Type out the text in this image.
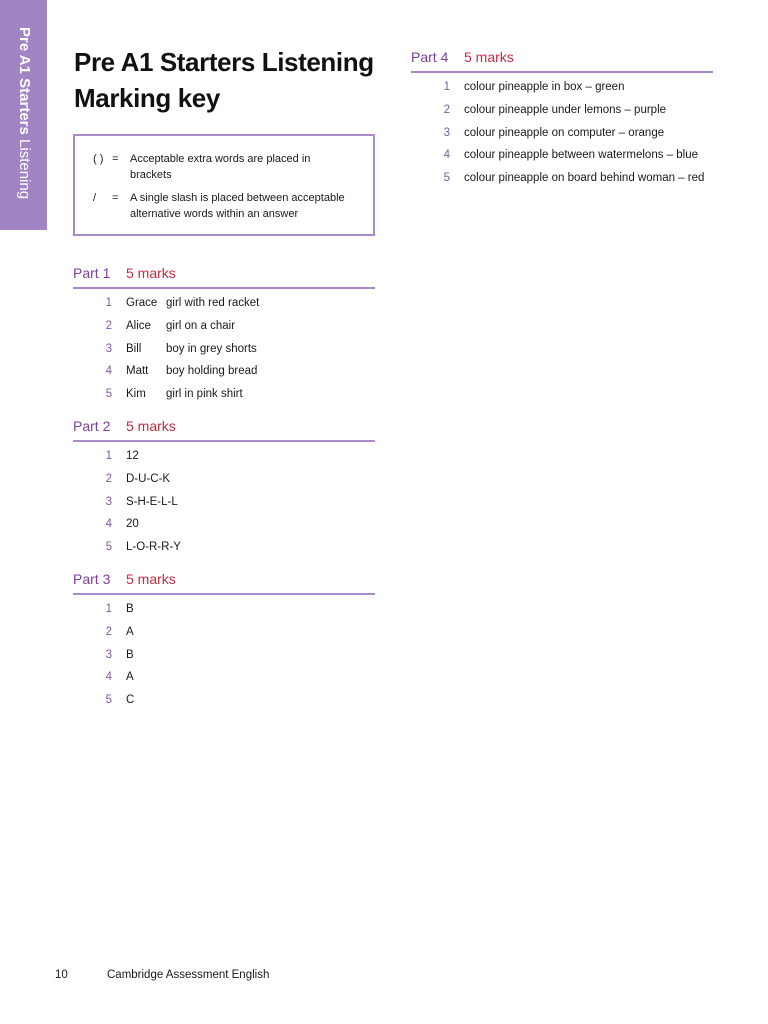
Pre A1 Starters Listening
Pre A1 Starters Listening
Marking key
( ) = Acceptable extra words are placed in brackets
/ = A single slash is placed between acceptable alternative words within an answer
Part 1 5 marks
1 Grace girl with red racket
2 Alice girl on a chair
3 Bill boy in grey shorts
4 Matt boy holding bread
5 Kim girl in pink shirt
Part 2 5 marks
1 12
2 D-U-C-K
3 S-H-E-L-L
4 20
5 L-O-R-R-Y
Part 3 5 marks
1 B
2 A
3 B
4 A
5 C
Part 4 5 marks
1 colour pineapple in box – green
2 colour pineapple under lemons – purple
3 colour pineapple on computer – orange
4 colour pineapple between watermelons – blue
5 colour pineapple on board behind woman – red
10	Cambridge Assessment English
